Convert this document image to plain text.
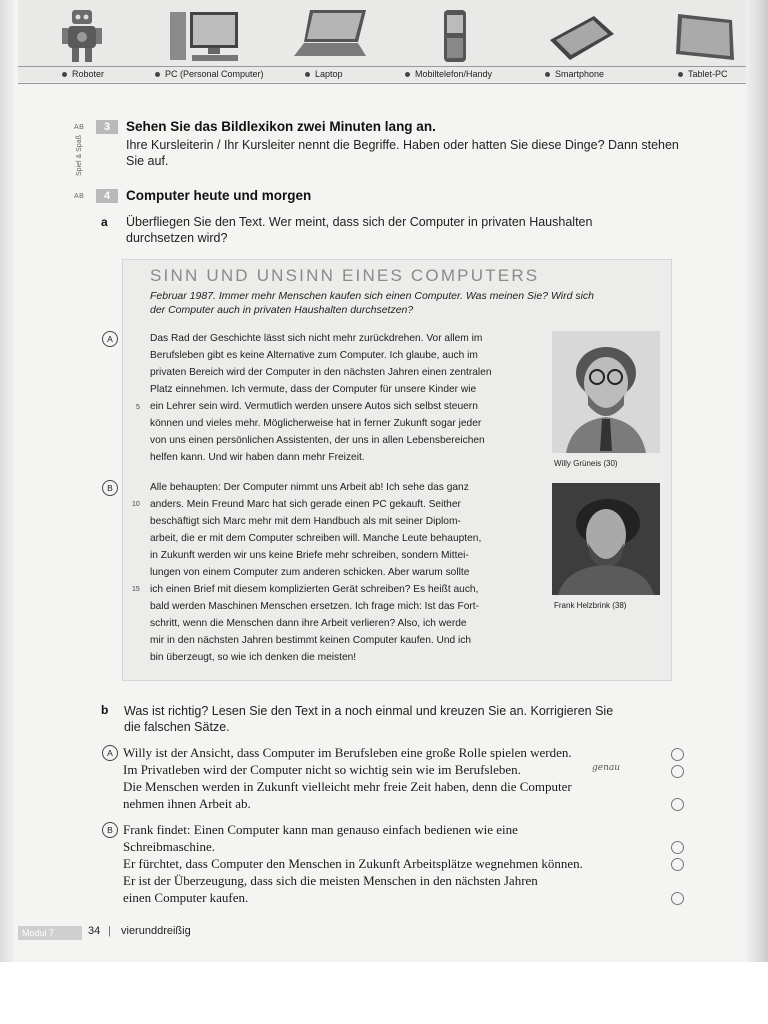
Roboter	PC (Personal Computer)	Laptop	Mobiltelefon/Handy	Smartphone	Tablet-PC
AB	3	Sehen Sie das Bildlexikon zwei Minuten lang an.
Ihre Kursleiterin / Ihr Kursleiter nennt die Begriffe. Haben oder hatten Sie diese Dinge? Dann stehen Sie auf.
Spiel & Spaß
AB	4	Computer heute und morgen
a Überfliegen Sie den Text. Wer meint, dass sich der Computer in privaten Haushalten durchsetzen wird?
SINN UND UNSINN EINES COMPUTERS
Februar 1987. Immer mehr Menschen kaufen sich einen Computer. Was meinen Sie? Wird sich der Computer auch in privaten Haushalten durchsetzen?
A	Das Rad der Geschichte lässt sich nicht mehr zurückdrehen. Vor allem im
Berufsleben gibt es keine Alternative zum Computer. Ich glaube, auch im
privaten Bereich wird der Computer in den nächsten Jahren einen zentralen
Platz einnehmen. Ich vermute, dass der Computer für unsere Kinder wie
ein Lehrer sein wird. Vermutlich werden unsere Autos sich selbst steuern
können und vieles mehr. Möglicherweise hat in ferner Zukunft sogar jeder
von uns einen persönlichen Assistenten, der uns in allen Lebensbereichen
helfen kann. Und wir haben dann mehr Freizeit.
5
Willy Grüneis (30)
B	Alle behaupten: Der Computer nimmt uns Arbeit ab! Ich sehe das ganz
anders. Mein Freund Marc hat sich gerade einen PC gekauft. Seither
beschäftigt sich Marc mehr mit dem Handbuch als mit seiner Diplom-
arbeit, die er mit dem Computer schreiben will. Manche Leute behaupten,
in Zukunft werden wir uns keine Briefe mehr schreiben, sondern Mittei-
lungen von einem Computer zum anderen schicken. Aber warum sollte
ich einen Brief mit diesem komplizierten Gerät schreiben? Es heißt auch,
bald werden Maschinen Menschen ersetzen. Ich frage mich: Ist das Fort-
schritt, wenn die Menschen dann ihre Arbeit verlieren? Also, ich werde
mir in den nächsten Jahren bestimmt keinen Computer kaufen. Und ich
bin überzeugt, so wie ich denken die meisten!
10
15
Frank Helzbrink (38)
b Was ist richtig? Lesen Sie den Text in a noch einmal und kreuzen Sie an. Korrigieren Sie die falschen Sätze.
A Willy ist der Ansicht, dass Computer im Berufsleben eine große Rolle spielen werden.
Im Privatleben wird der Computer nicht so wichtig sein wie im Berufsleben.
Die Menschen werden in Zukunft vielleicht mehr freie Zeit haben, denn die Computer
nehmen ihnen Arbeit ab.
genau
B Frank findet: Einen Computer kann man genauso einfach bedienen wie eine
Schreibmaschine.
Er fürchtet, dass Computer den Menschen in Zukunft Arbeitsplätze wegnehmen können.
Er ist der Überzeugung, dass sich die meisten Menschen in den nächsten Jahren
einen Computer kaufen.
Modul 7	34 | vierunddreißig
